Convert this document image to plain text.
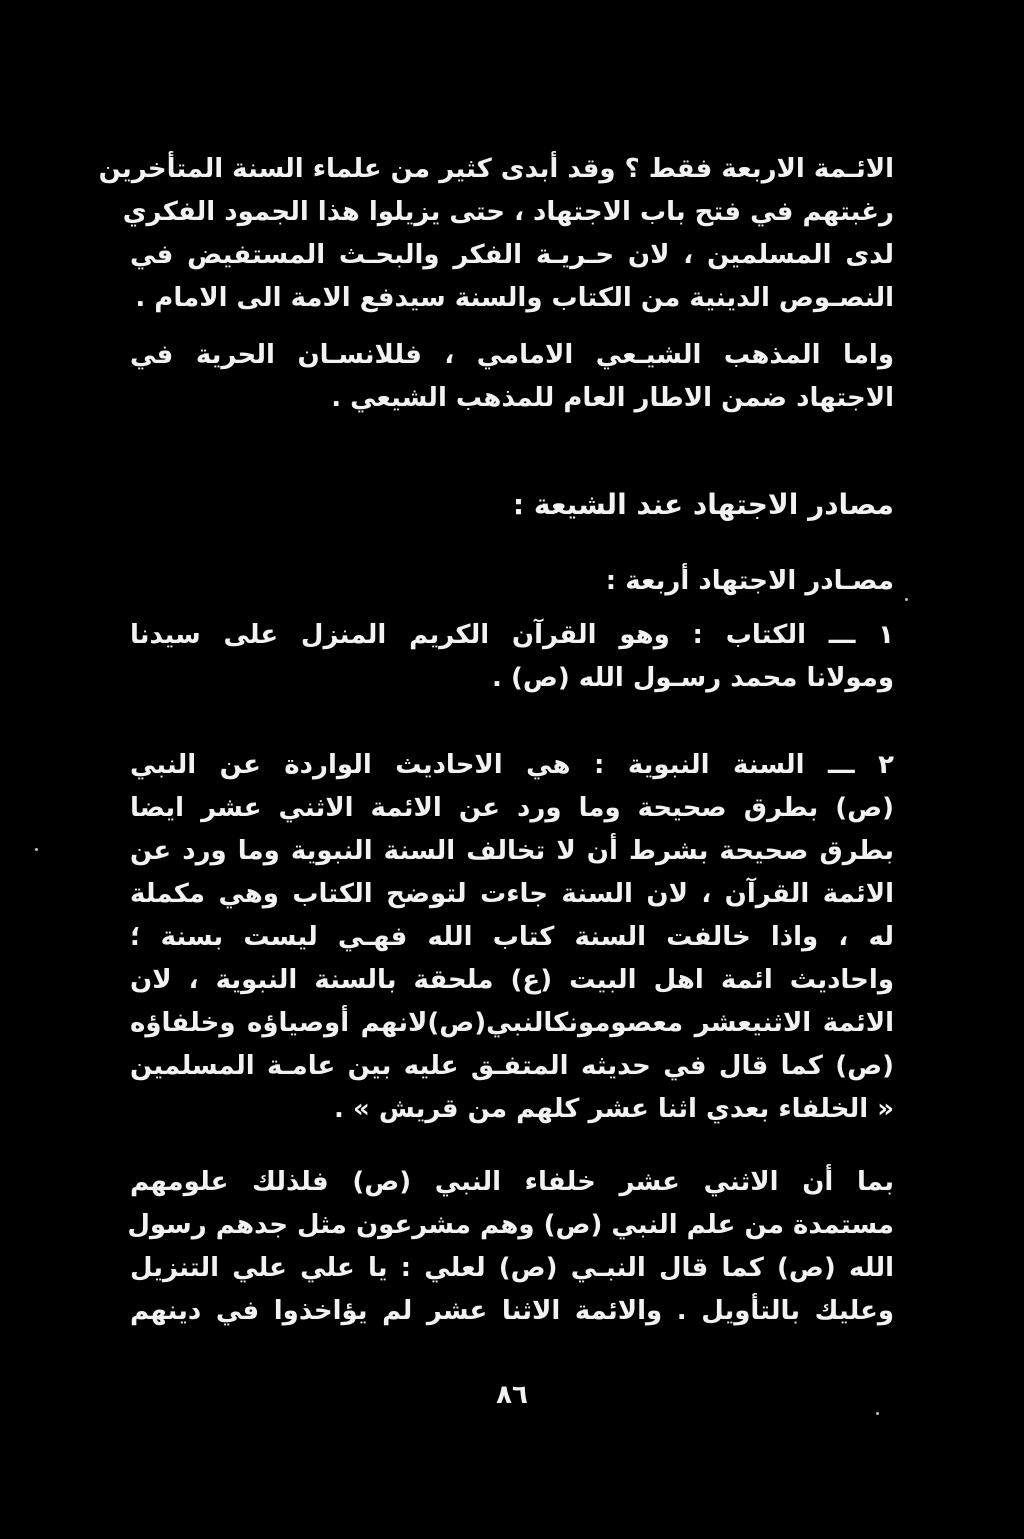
الائـمة الاربعة فقط ؟ وقد أبدى كثير من علماء السنة المتأخرين
رغبتهم في فتح باب الاجتهاد ، حتى يزيلوا هذا الجمود الفكري
لدى المسلمين ، لان حـريـة الفكر والبحـث المستفيض في
النصـوص الدينية من الكتاب والسنة سيدفع الامة الى الامام .
واما المذهب الشيـعي الامامي ، فللانسـان الحرية في
الاجتهاد ضمن الاطار العام للمذهب الشيعي .
مصادر الاجتهاد عند الشيعة :
مصـادر الاجتهاد أربعة :
١ ـــ الكتاب : وهو القرآن الكريم المنزل على سيدنا
ومولانا محمد رسـول الله (ص) .
٢ ـــ السنة النبوية : هي الاحاديث الواردة عن النبي
(ص) بطرق صحيحة وما ورد عن الائمة الاثني عشر ايضا
بطرق صحيحة بشرط أن لا تخالف السنة النبوية وما ورد عن
الائمة القرآن ، لان السنة جاءت لتوضح الكتاب وهي مكملة
له ، واذا خالفت السنة كتاب الله فهـي ليست بسنة ؛
واحاديث ائمة اهل البيت (ع) ملحقة بالسنة النبوية ، لان
الائمة الاثنيعشر معصومونكالنبي(ص)لانهم أوصياؤه وخلفاؤه
(ص) كما قال في حديثه المتفـق عليه بين عامـة المسلمين
« الخلفاء بعدي اثنا عشر كلهم من قريش » .
بما أن الاثني عشر خلفاء النبي (ص) فلذلك علومهم
مستمدة من علم النبي (ص) وهم مشرعون مثل جدهم رسول
الله (ص) كما قال النبـي (ص) لعلي : يا علي علي التنزيل
وعليك بالتأويل . والائمة الاثنا عشر لم يؤاخذوا في دينهم
٨٦
